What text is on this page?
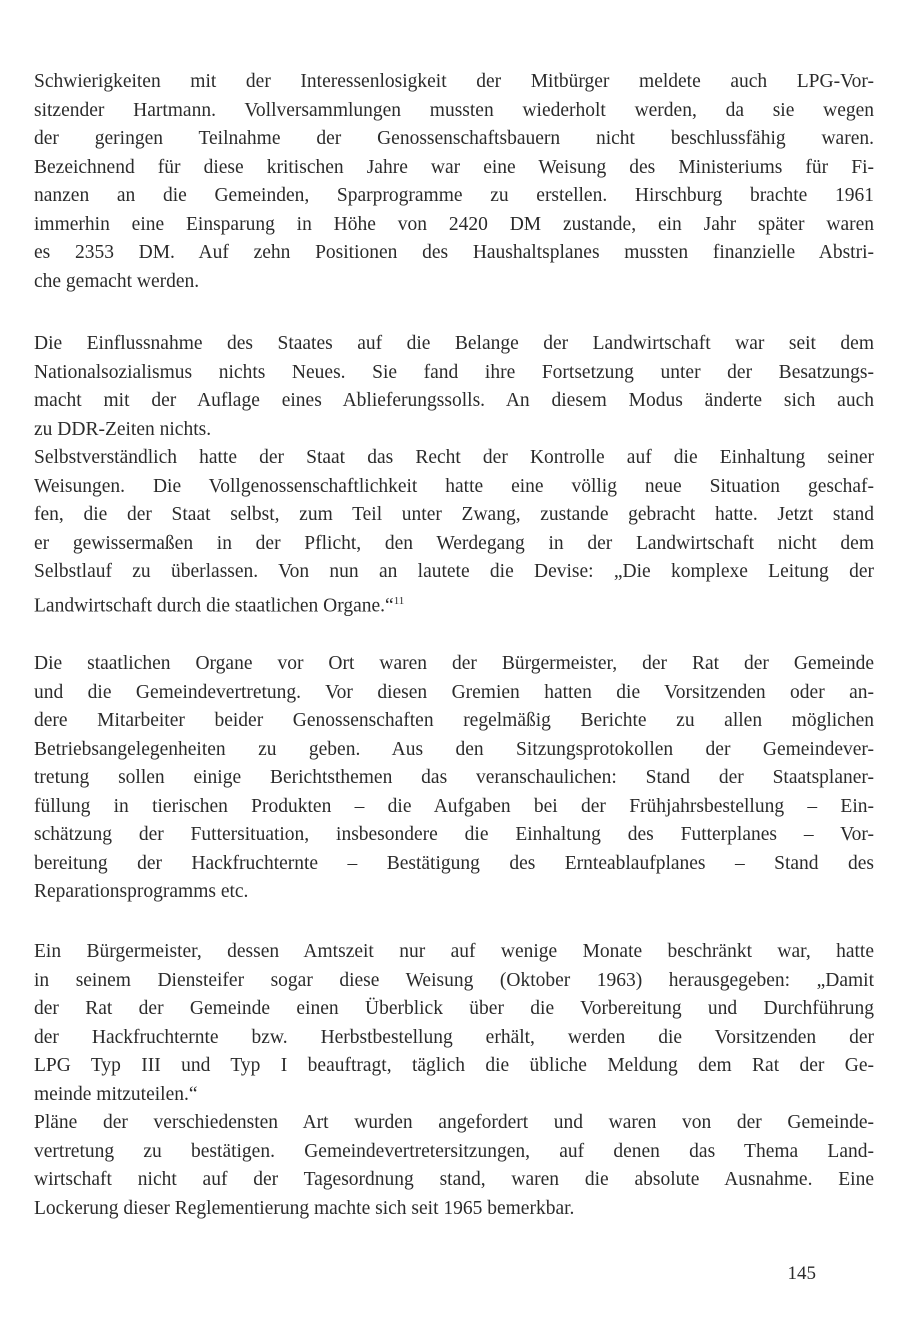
Schwierigkeiten mit der Interessenlosigkeit der Mitbürger meldete auch LPG-Vor-
sitzender Hartmann. Vollversammlungen mussten wiederholt werden, da sie wegen
der geringen Teilnahme der Genossenschaftsbauern nicht beschlussfähig waren.
Bezeichnend für diese kritischen Jahre war eine Weisung des Ministeriums für Fi-
nanzen an die Gemeinden, Sparprogramme zu erstellen. Hirschburg brachte 1961
immerhin eine Einsparung in Höhe von 2420 DM zustande, ein Jahr später waren
es 2353 DM. Auf zehn Positionen des Haushaltsplanes mussten finanzielle Abstri-
che gemacht werden.
Die Einflussnahme des Staates auf die Belange der Landwirtschaft war seit dem
Nationalsozialismus nichts Neues. Sie fand ihre Fortsetzung unter der Besatzungs-
macht mit der Auflage eines Ablieferungssolls. An diesem Modus änderte sich auch
zu DDR-Zeiten nichts.
Selbstverständlich hatte der Staat das Recht der Kontrolle auf die Einhaltung seiner
Weisungen. Die Vollgenossenschaftlichkeit hatte eine völlig neue Situation geschaf-
fen, die der Staat selbst, zum Teil unter Zwang, zustande gebracht hatte. Jetzt stand
er gewissermaßen in der Pflicht, den Werdegang in der Landwirtschaft nicht dem
Selbstlauf zu überlassen. Von nun an lautete die Devise: „Die komplexe Leitung der
Landwirtschaft durch die staatlichen Organe.“$^{11}$
Die staatlichen Organe vor Ort waren der Bürgermeister, der Rat der Gemeinde
und die Gemeindevertretung. Vor diesen Gremien hatten die Vorsitzenden oder an-
dere Mitarbeiter beider Genossenschaften regelmäßig Berichte zu allen möglichen
Betriebsangelegenheiten zu geben. Aus den Sitzungsprotokollen der Gemeindever-
tretung sollen einige Berichtsthemen das veranschaulichen: Stand der Staatsplaner-
füllung in tierischen Produkten – die Aufgaben bei der Frühjahrsbestellung – Ein-
schätzung der Futtersituation, insbesondere die Einhaltung des Futterplanes – Vor-
bereitung der Hackfruchternte – Bestätigung des Ernteablaufplanes – Stand des
Reparationsprogramms etc.
Ein Bürgermeister, dessen Amtszeit nur auf wenige Monate beschränkt war, hatte
in seinem Diensteifer sogar diese Weisung (Oktober 1963) herausgegeben: „Damit
der Rat der Gemeinde einen Überblick über die Vorbereitung und Durchführung
der Hackfruchternte bzw. Herbstbestellung erhält, werden die Vorsitzenden der
LPG Typ III und Typ I beauftragt, täglich die übliche Meldung dem Rat der Ge-
meinde mitzuteilen.“
Pläne der verschiedensten Art wurden angefordert und waren von der Gemeinde-
vertretung zu bestätigen. Gemeindevertretersitzungen, auf denen das Thema Land-
wirtschaft nicht auf der Tagesordnung stand, waren die absolute Ausnahme. Eine
Lockerung dieser Reglementierung machte sich seit 1965 bemerkbar.
145
